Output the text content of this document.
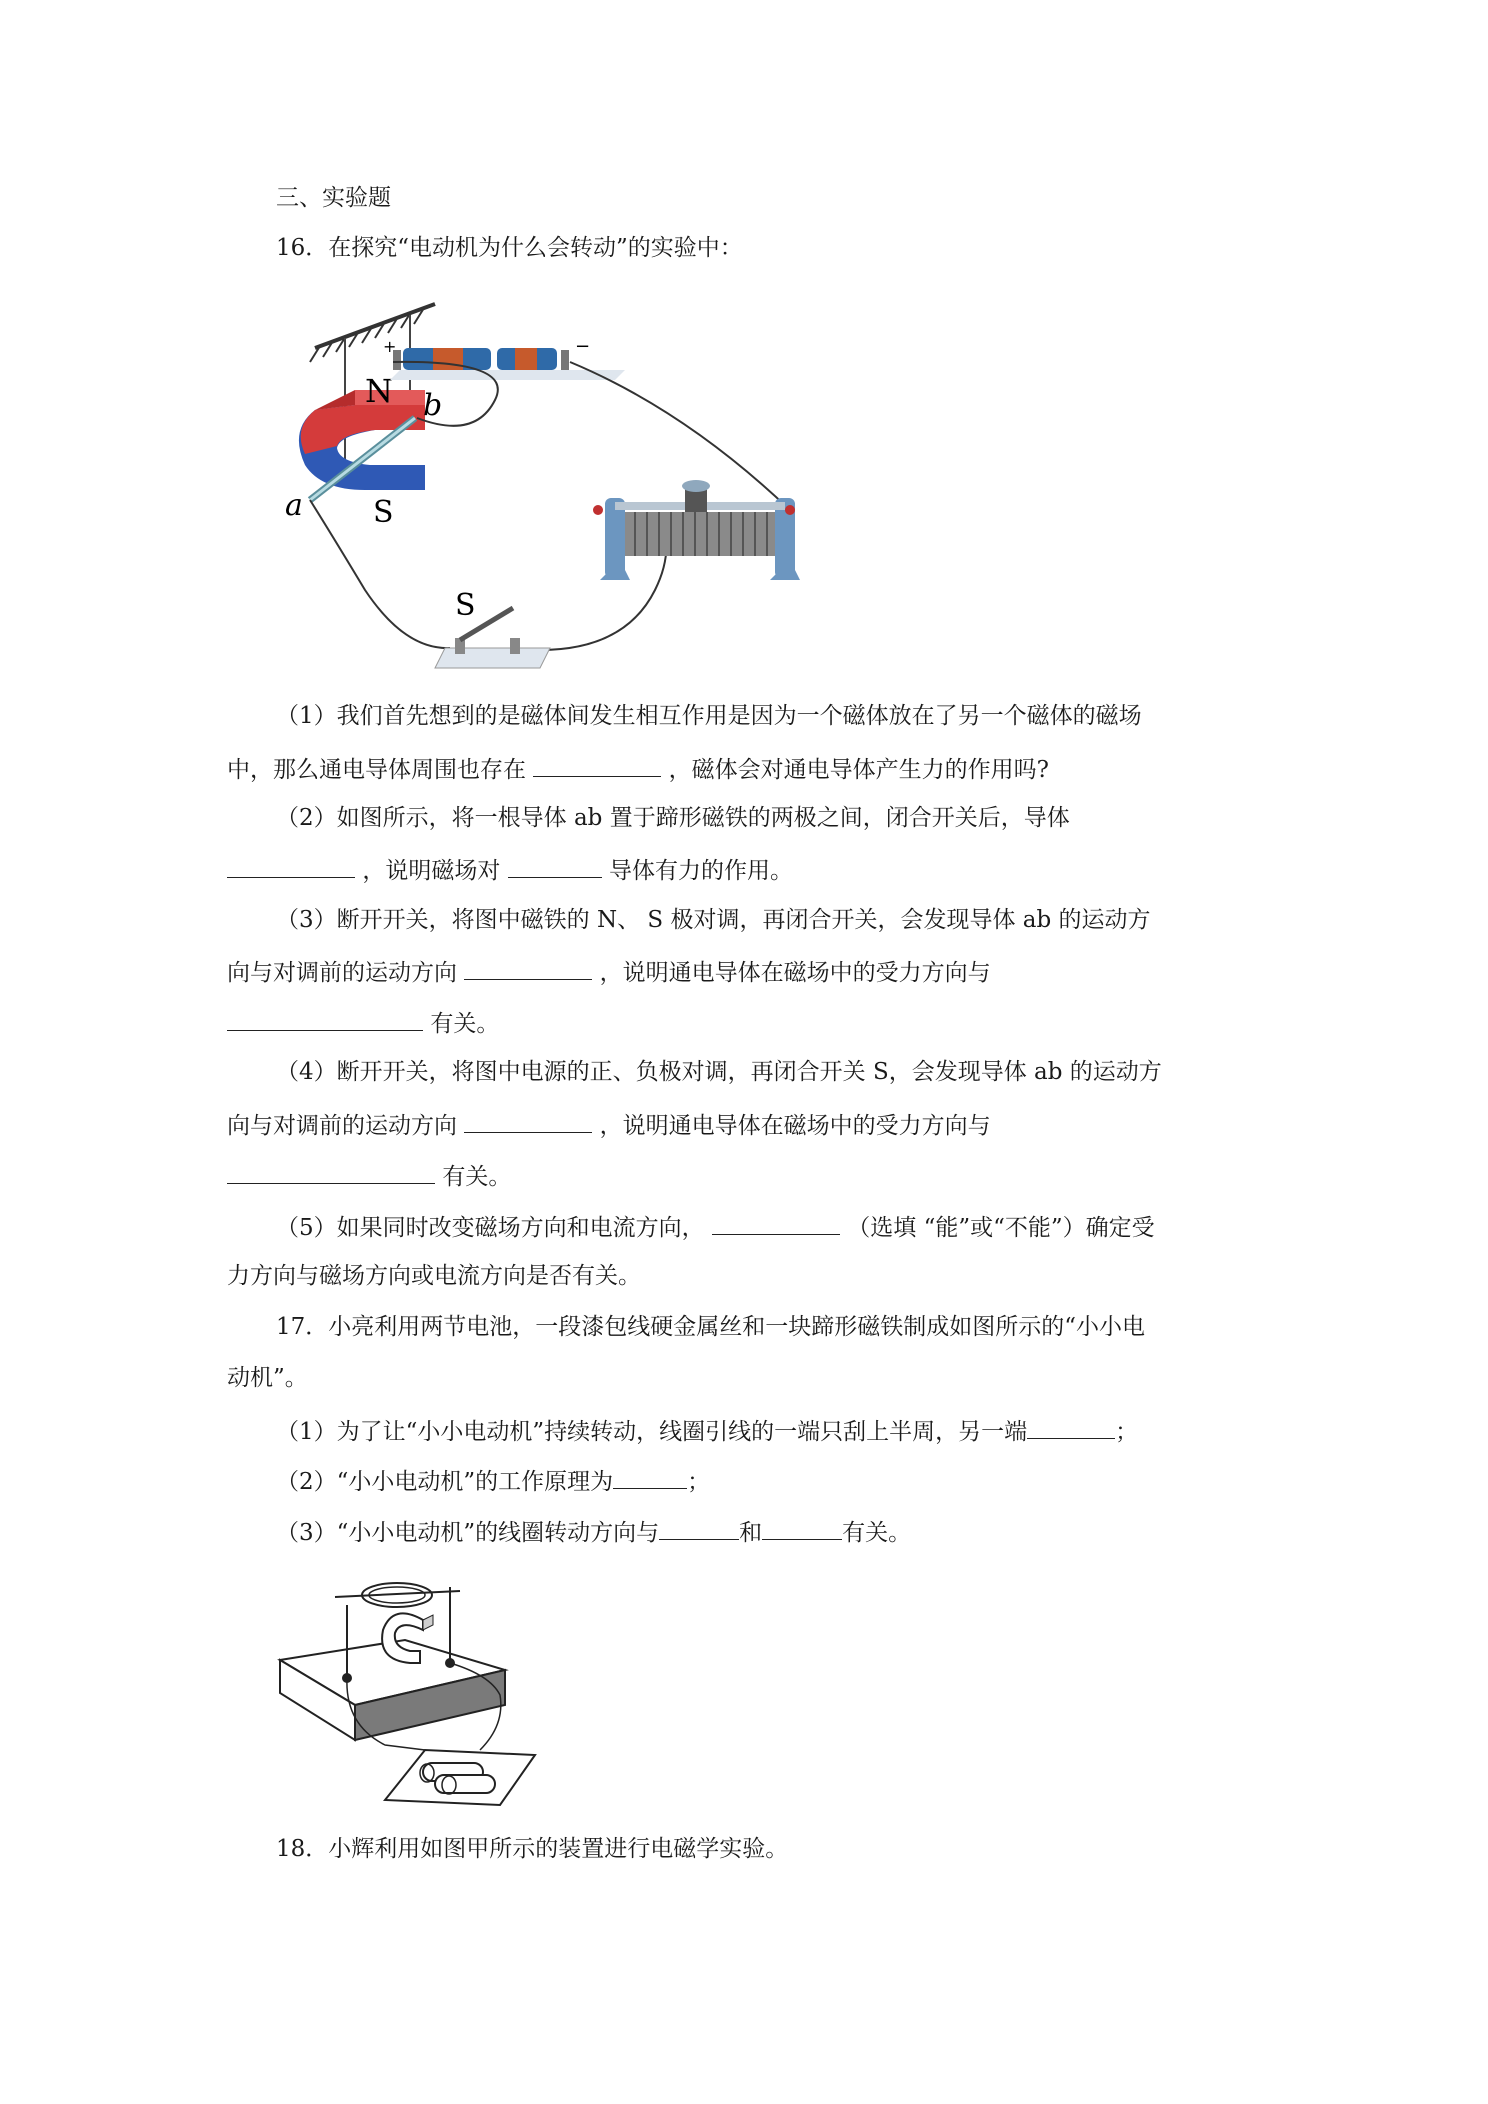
三、实验题
16．在探究“电动机为什么会转动”的实验中：
N b
a S
+	−
S
（1）我们首先想到的是磁体间发生相互作用是因为一个磁体放在了另一个磁体的磁场
中，那么通电导体周围也存在	，磁体会对通电导体产生力的作用吗?
（2）如图所示，将一根导体 ab 置于蹄形磁铁的两极之间，闭合开关后，导体
，说明磁场对	导体有力的作用。
（3）断开开关，将图中磁铁的 N、 S 极对调，再闭合开关，会发现导体 ab 的运动方
向与对调前的运动方向	，说明通电导体在磁场中的受力方向与
有关。
（4）断开开关，将图中电源的正、负极对调，再闭合开关 S，会发现导体 ab 的运动方
向与对调前的运动方向	，说明通电导体在磁场中的受力方向与
有关。
（5）如果同时改变磁场方向和电流方向，	（选填 “能”或“不能”）确定受
力方向与磁场方向或电流方向是否有关。
17．小亮利用两节电池，一段漆包线硬金属丝和一块蹄形磁铁制成如图所示的“小小电
动机”。
（1）为了让“小小电动机”持续转动，线圈引线的一端只刮上半周，另一端	；
（2）“小小电动机”的工作原理为	；
（3）“小小电动机”的线圈转动方向与	和	有关。
18．小辉利用如图甲所示的装置进行电磁学实验。
